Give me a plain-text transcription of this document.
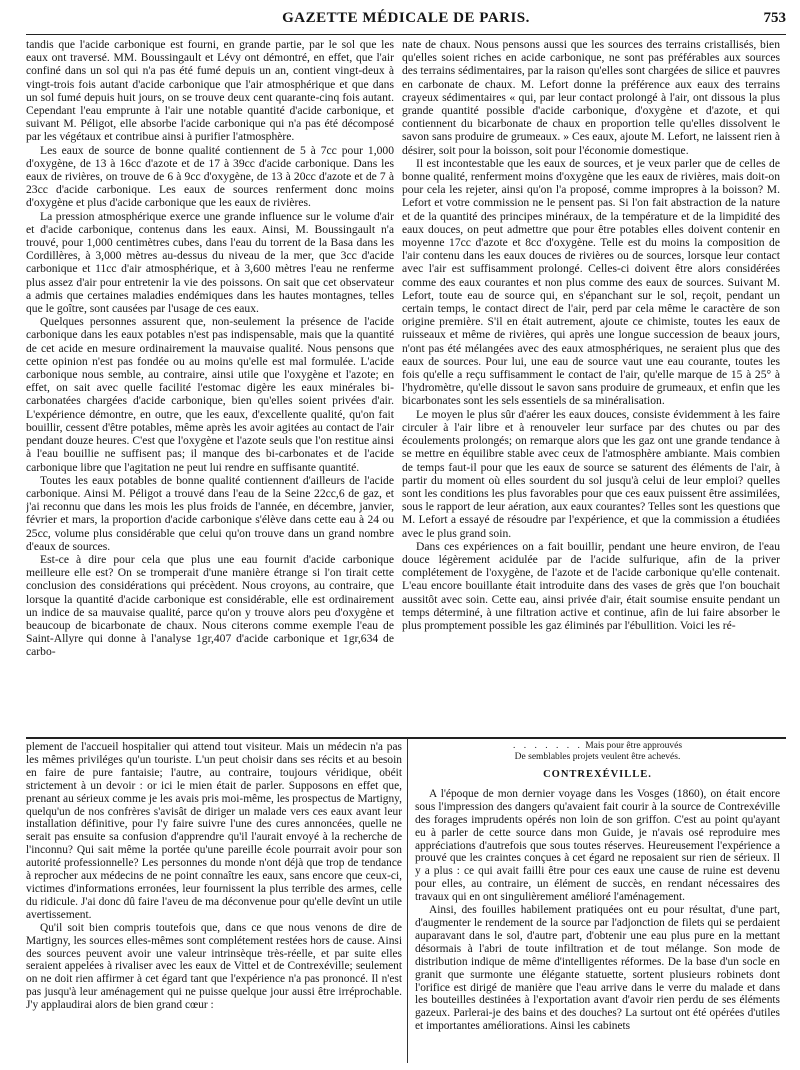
GAZETTE MÉDICALE DE PARIS.	753

tandis que l'acide carbonique est fourni, en grande partie, par le sol que les eaux ont traversé. MM. Boussingault et Lévy ont démontré, en effet, que l'air confiné dans un sol qui n'a pas été fumé depuis un an, contient vingt-deux à vingt-trois fois autant d'acide carbonique que l'air atmosphérique et que dans un sol fumé depuis huit jours, on se trouve deux cent quarante-cinq fois autant. Cependant l'eau emprunte à l'air une notable quantité d'acide carbonique, et suivant M. Péligot, elle absorbe l'acide carbonique qui n'a pas été décomposé par les végétaux et contribue ainsi à purifier l'atmosphère.

Les eaux de source de bonne qualité contiennent de 5 à 7cc pour 1,000 d'oxygène, de 13 à 16cc d'azote et de 17 à 39cc d'acide carbonique. Dans les eaux de rivières, on trouve de 6 à 9cc d'oxygène, de 13 à 20cc d'azote et de 7 à 23cc d'acide carbonique. Les eaux de sources renferment donc moins d'oxygène et plus d'acide carbonique que les eaux de rivières.

La pression atmosphérique exerce une grande influence sur le volume d'air et d'acide carbonique, contenus dans les eaux. Ainsi, M. Boussingault n'a trouvé, pour 1,000 centimètres cubes, dans l'eau du torrent de la Basa dans les Cordillères, à 3,000 mètres au-dessus du niveau de la mer, que 3cc d'acide carbonique et 11cc d'air atmosphérique, et à 3,600 mètres l'eau ne renferme plus assez d'air pour entretenir la vie des poissons. On sait que cet observateur a admis que certaines maladies endémiques dans les hautes montagnes, telles que le goître, sont causées par l'usage de ces eaux.

Quelques personnes assurent que, non-seulement la présence de l'acide carbonique dans les eaux potables n'est pas indispensable, mais que la quantité de cet acide en mesure ordinairement la mauvaise qualité. Nous pensons que cette opinion n'est pas fondée ou au moins qu'elle est mal formulée. L'acide carbonique nous semble, au contraire, ainsi utile que l'oxygène et l'azote; en effet, on sait avec quelle facilité l'estomac digère les eaux minérales bi-carbonatées chargées d'acide carbonique, bien qu'elles soient privées d'air. L'expérience démontre, en outre, que les eaux, d'excellente qualité, qu'on fait bouillir, cessent d'être potables, même après les avoir agitées au contact de l'air pendant douze heures. C'est que l'oxygène et l'azote seuls que l'on restitue ainsi à l'eau bouillie ne suffisent pas; il manque des bi-carbonates et de l'acide carbonique libre que l'agitation ne peut lui rendre en suffisante quantité.

Toutes les eaux potables de bonne qualité contiennent d'ailleurs de l'acide carbonique. Ainsi M. Péligot a trouvé dans l'eau de la Seine 22cc,6 de gaz, et j'ai reconnu que dans les mois les plus froids de l'année, en décembre, janvier, février et mars, la proportion d'acide carbonique s'élève dans cette eau à 24 ou 25cc, volume plus considérable que celui qu'on trouve dans un grand nombre d'eaux de sources.

Est-ce à dire pour cela que plus une eau fournit d'acide carbonique meilleure elle est? On se tromperait d'une manière étrange si l'on tirait cette conclusion des considérations qui précèdent. Nous croyons, au contraire, que lorsque la quantité d'acide carbonique est considérable, elle est ordinairement un indice de sa mauvaise qualité, parce qu'on y trouve alors peu d'oxygène et beaucoup de bicarbonate de chaux. Nous citerons comme exemple l'eau de Saint-Allyre qui donne à l'analyse 1gr,407 d'acide carbonique et 1gr,634 de carbo-

nate de chaux. Nous pensons aussi que les sources des terrains cristallisés, bien qu'elles soient riches en acide carbonique, ne sont pas préférables aux sources des terrains sédimentaires, par la raison qu'elles sont chargées de silice et pauvres en carbonate de chaux. M. Lefort donne la préférence aux eaux des terrains crayeux sédimentaires « qui, par leur contact prolongé à l'air, ont dissous la plus grande quantité possible d'acide carbonique, d'oxygène et d'azote, et qui contiennent du bicarbonate de chaux en proportion telle qu'elles dissolvent le savon sans produire de grumeaux. » Ces eaux, ajoute M. Lefort, ne laissent rien à désirer, soit pour la boisson, soit pour l'économie domestique.

Il est incontestable que les eaux de sources, et je veux parler que de celles de bonne qualité, renferment moins d'oxygène que les eaux de rivières, mais doit-on pour cela les rejeter, ainsi qu'on l'a proposé, comme impropres à la boisson? M. Lefort et votre commission ne le pensent pas. Si l'on fait abstraction de la nature et de la quantité des principes minéraux, de la température et de la limpidité des eaux douces, on peut admettre que pour être potables elles doivent contenir en moyenne 17cc d'azote et 8cc d'oxygène. Telle est du moins la composition de l'air contenu dans les eaux douces de rivières ou de sources, lorsque leur contact avec l'air est suffisamment prolongé. Celles-ci doivent être alors considérées comme des eaux courantes et non plus comme des eaux de sources. Suivant M. Lefort, toute eau de source qui, en s'épanchant sur le sol, reçoit, pendant un certain temps, le contact direct de l'air, perd par cela même le caractère de son origine première. S'il en était autrement, ajoute ce chimiste, toutes les eaux de ruisseaux et même de rivières, qui après une longue succession de beaux jours, n'ont pas été mélangées avec des eaux atmosphériques, ne seraient plus que des eaux de sources. Pour lui, une eau de source vaut une eau courante, toutes les fois qu'elle a reçu suffisamment le contact de l'air, qu'elle marque de 15 à 25° à l'hydromètre, qu'elle dissout le savon sans produire de grumeaux, et enfin que les bicarbonates sont les sels essentiels de sa minéralisation.

Le moyen le plus sûr d'aérer les eaux douces, consiste évidemment à les faire circuler à l'air libre et à renouveler leur surface par des chutes ou par des écoulements prolongés; on remarque alors que les gaz ont une grande tendance à se mettre en équilibre stable avec ceux de l'atmosphère ambiante. Mais combien de temps faut-il pour que les eaux de source se saturent des éléments de l'air, à partir du moment où elles sourdent du sol jusqu'à celui de leur emploi? quelles sont les conditions les plus favorables pour que ces eaux puissent être assimilées, sous le rapport de leur aération, aux eaux courantes? Telles sont les questions que M. Lefort a essayé de résoudre par l'expérience, et que la commission a étudiées avec le plus grand soin.

Dans ces expériences on a fait bouillir, pendant une heure environ, de l'eau douce légèrement acidulée par de l'acide sulfurique, afin de la priver complétement de l'oxygène, de l'azote et de l'acide carbonique qu'elle contenait. L'eau encore bouillante était introduite dans des vases de grès que l'on bouchait aussitôt avec soin. Cette eau, ainsi privée d'air, était soumise ensuite pendant un temps déterminé, à une filtration active et continue, afin de lui faire absorber le plus promptement possible les gaz éliminés par l'ébullition. Voici les ré-

plement de l'accueil hospitalier qui attend tout visiteur. Mais un médecin n'a pas les mêmes priviléges qu'un touriste. L'un peut choisir dans ses récits et au besoin en faire de pure fantaisie; l'autre, au contraire, toujours véridique, obéit strictement à un devoir : or ici le mien était de parler. Supposons en effet que, prenant au sérieux comme je les avais pris moi-même, les prospectus de Martigny, quelqu'un de nos confrères s'avisât de diriger un malade vers ces eaux avant leur installation définitive, pour l'y faire suivre l'une des cures annoncées, quelle ne serait pas ensuite sa confusion d'apprendre qu'il l'aurait envoyé à la recherche de l'inconnu? Qui sait même la portée qu'une pareille école pourrait avoir pour son autorité professionnelle? Les personnes du monde n'ont déjà que trop de tendance à reprocher aux médecins de ne point connaître les eaux, sans encore que ceux-ci, victimes d'informations erronées, leur fournissent la plus terrible des armes, celle du ridicule. J'ai donc dû faire l'aveu de ma déconvenue pour qu'elle devînt un utile avertissement.

Qu'il soit bien compris toutefois que, dans ce que nous venons de dire de Martigny, les sources elles-mêmes sont complétement restées hors de cause. Ainsi des sources peuvent avoir une valeur intrinsèque très-réelle, et par suite elles seraient appelées à rivaliser avec les eaux de Vittel et de Contrexéville; seulement on ne doit rien affirmer à cet égard tant que l'expérience n'a pas prononcé. Il n'est pas jusqu'à leur aménagement qui ne puisse quelque jour aussi être irréprochable. J'y applaudirai alors de bien grand cœur :

. . . . . . . Mais pour être approuvés
De semblables projets veulent être achevés.
CONTREXÉVILLE.

A l'époque de mon dernier voyage dans les Vosges (1860), on était encore sous l'impression des dangers qu'avaient fait courir à la source de Contrexéville des forages imprudents opérés non loin de son griffon. C'est au point qu'ayant eu à parler de cette source dans mon Guide, je n'avais osé reproduire mes appréciations d'autrefois que sous toutes réserves. Heureusement l'expérience a prouvé que les craintes conçues à cet égard ne reposaient sur rien de sérieux. Il y a plus : ce qui avait failli être pour ces eaux une cause de ruine est devenu pour elles, au contraire, un élément de succès, en rendant nécessaires des travaux qui en ont singulièrement amélioré l'aménagement.

Ainsi, des fouilles habilement pratiquées ont eu pour résultat, d'une part, d'augmenter le rendement de la source par l'adjonction de filets qui se perdaient auparavant dans le sol, d'autre part, d'obtenir une eau plus pure en la mettant désormais à l'abri de toute infiltration et de tout mélange. Son mode de distribution indique de même d'intelligentes réformes. De la base d'un socle en granit que surmonte une élégante statuette, sortent plusieurs robinets dont l'orifice est dirigé de manière que l'eau arrive dans le verre du malade et dans les bouteilles destinées à l'exportation avant d'avoir rien perdu de ses éléments gazeux. Parlerai-je des bains et des douches? La surtout ont été opérées d'utiles et importantes améliorations. Ainsi les cabinets
